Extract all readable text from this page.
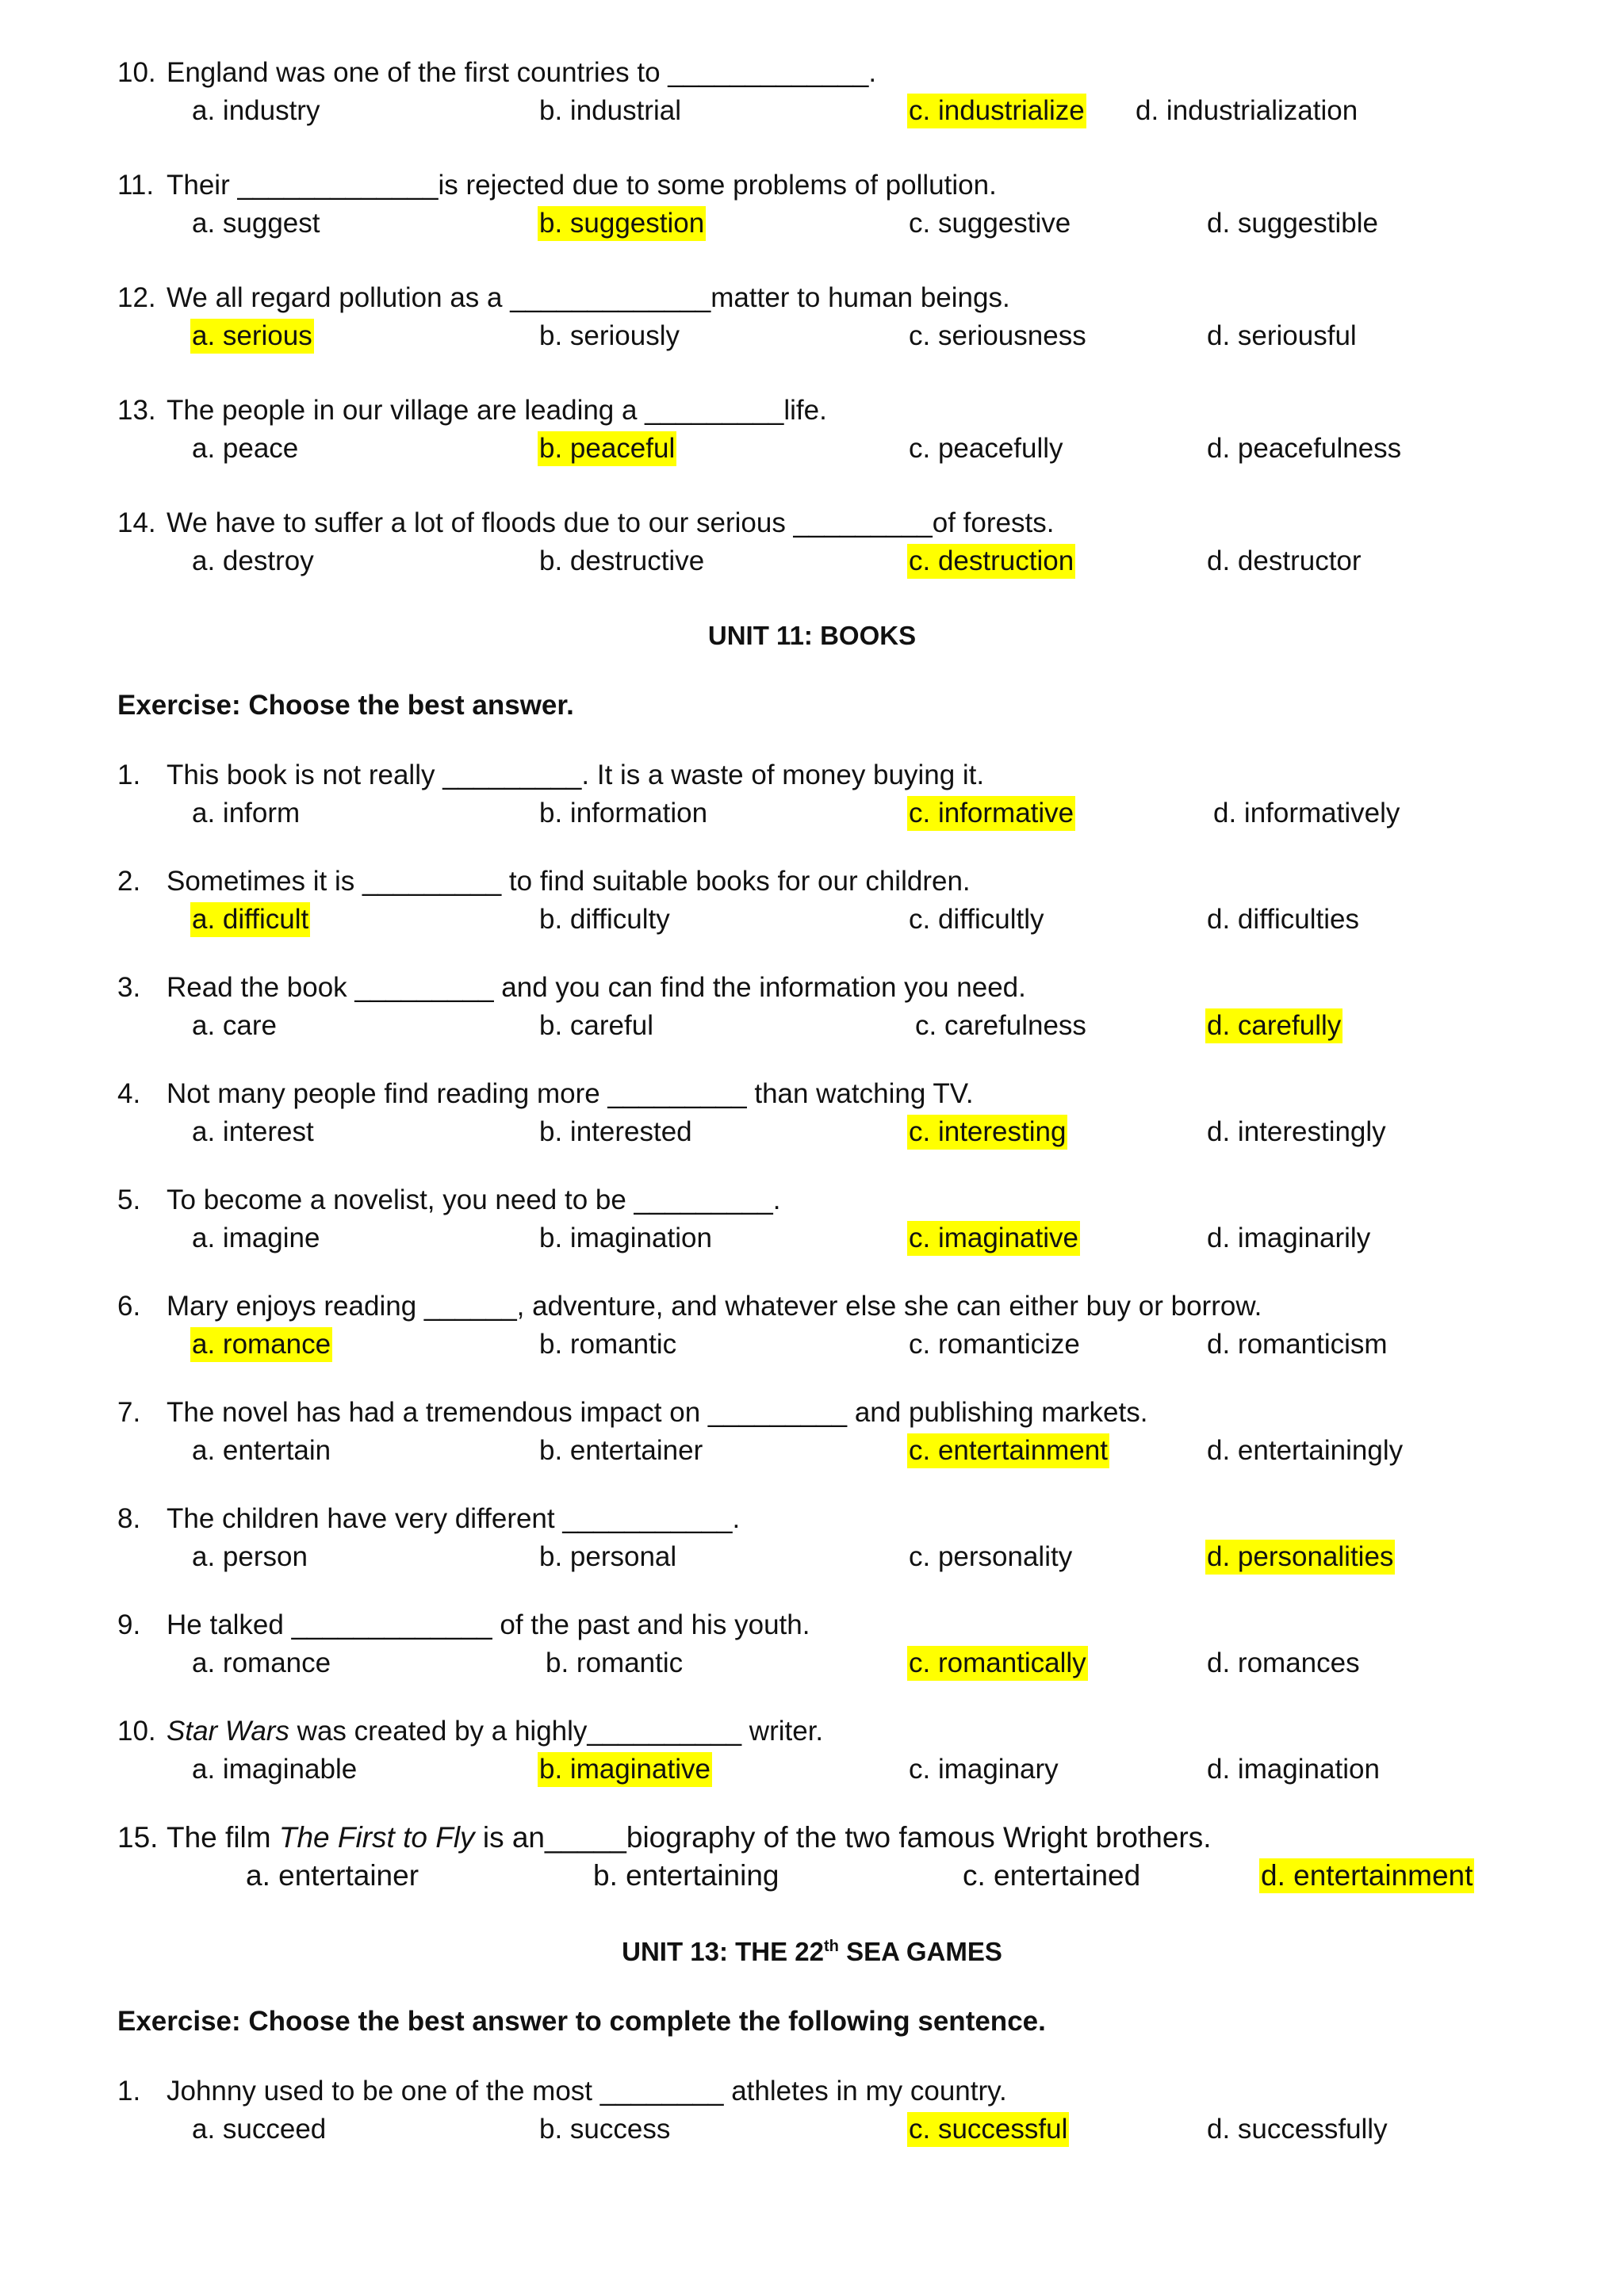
10. England was one of the first countries to _____________.
a. industry	b. industrial	c. industrialize d. industrialization
11. Their _____________is rejected due to some problems of pollution.
a. suggest	b. suggestion	c. suggestive	d. suggestible
12. We all regard pollution as a _____________matter to human beings.
a. serious	b. seriously	c. seriousness	d. seriousful
13. The people in our village are leading a _________life.
a. peace	b. peaceful	c. peacefully	d. peacefulness
14. We have to suffer a lot of floods due to our serious _________of forests.
a. destroy	b. destructive	c. destruction	d. destructor
UNIT 11: BOOKS
Exercise: Choose the best answer.
1. This book is not really _________. It is a waste of money buying it.
a. inform	b. information	c. informative	d. informatively
2. Sometimes it is _________ to find suitable books for our children.
a. difficult	b. difficulty	c. difficultly	d. difficulties
3. Read the book _________ and you can find the information you need.
a. care	b. careful	c. carefulness	d. carefully
4. Not many people find reading more _________ than watching TV.
a. interest	b. interested	c. interesting	d. interestingly
5. To become a novelist, you need to be _________.
a. imagine	b. imagination	c. imaginative	d. imaginarily
6. Mary enjoys reading ______, adventure, and whatever else she can either buy or borrow.
a. romance	b. romantic	c. romanticize	d. romanticism
7. The novel has had a tremendous impact on _________ and publishing markets.
a. entertain	b. entertainer	c. entertainment	d. entertainingly
8. The children have very different ___________.
a. person	b. personal	c. personality	d. personalities
9. He talked _____________ of the past and his youth.
a. romance	b. romantic	c. romantically	d. romances
10. Star Wars was created by a highly__________ writer.
a. imaginable	b. imaginative	c. imaginary	d. imagination
15. The film The First to Fly is an_____biography of the two famous Wright brothers.
a. entertainer	b. entertaining	c. entertained	d. entertainment
UNIT 13: THE 22th SEA GAMES
Exercise: Choose the best answer to complete the following sentence.
1. Johnny used to be one of the most ________ athletes in my country.
a. succeed	b. success	c. successful	d. successfully
